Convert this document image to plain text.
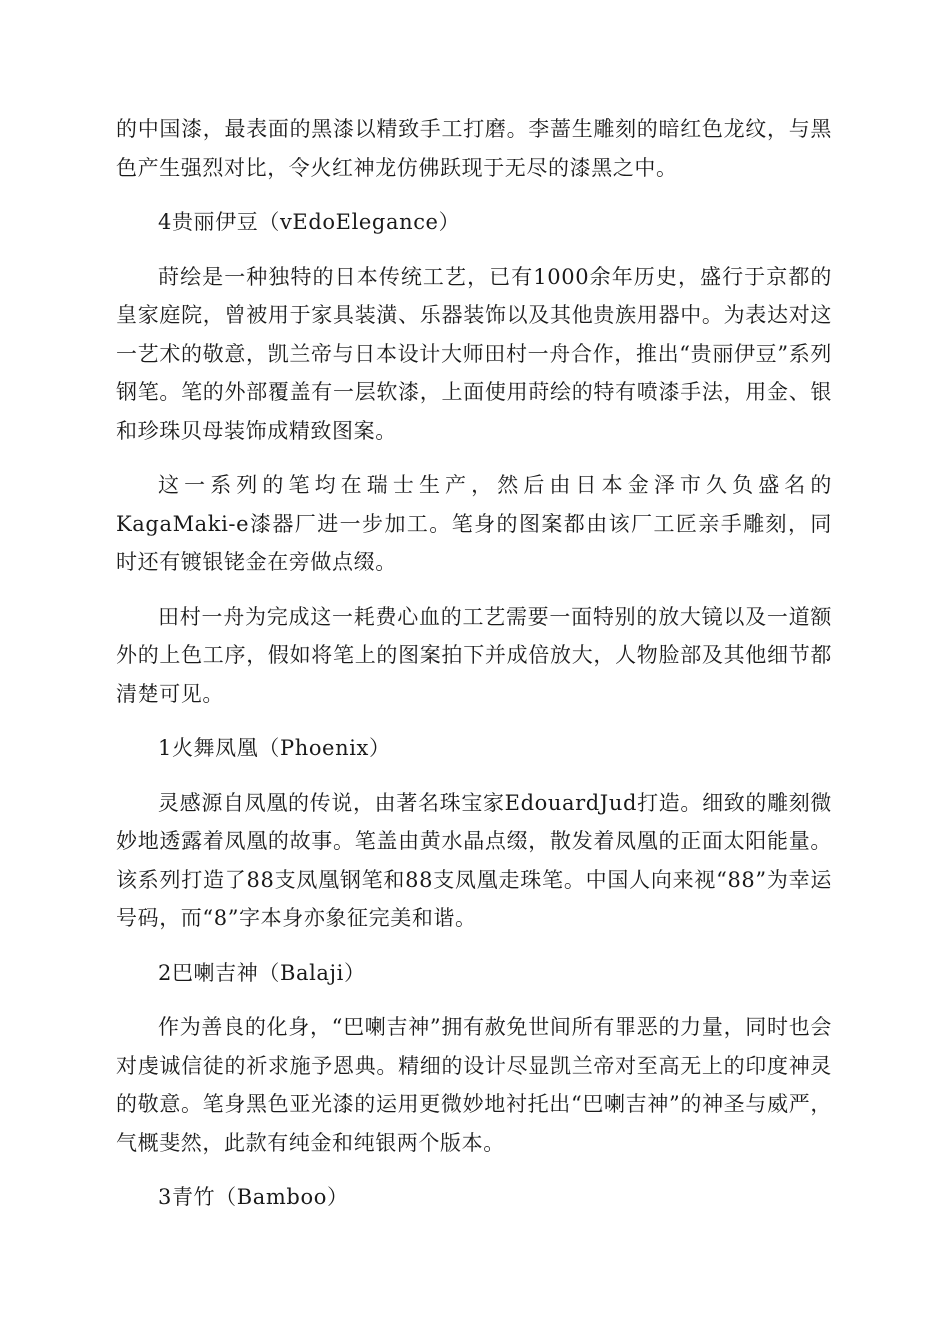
的中国漆，最表面的黑漆以精致手工打磨。李蔷生雕刻的暗红色龙纹，与黑色产生强烈对比，令火红神龙仿佛跃现于无尽的漆黑之中。

4贵丽伊豆（vEdoElegance）

莳绘是一种独特的日本传统工艺，已有1000余年历史，盛行于京都的皇家庭院，曾被用于家具装潢、乐器装饰以及其他贵族用器中。为表达对这一艺术的敬意，凯兰帝与日本设计大师田村一舟合作，推出“贵丽伊豆”系列钢笔。笔的外部覆盖有一层软漆，上面使用莳绘的特有喷漆手法，用金、银和珍珠贝母装饰成精致图案。

这一系列的笔均在瑞士生产，然后由日本金泽市久负盛名的KagaMaki-e漆器厂进一步加工。笔身的图案都由该厂工匠亲手雕刻，同时还有镀银铑金在旁做点缀。

田村一舟为完成这一耗费心血的工艺需要一面特别的放大镜以及一道额外的上色工序，假如将笔上的图案拍下并成倍放大，人物脸部及其他细节都清楚可见。

1火舞凤凰（Phoenix）

灵感源自凤凰的传说，由著名珠宝家EdouardJud打造。细致的雕刻微妙地透露着凤凰的故事。笔盖由黄水晶点缀，散发着凤凰的正面太阳能量。该系列打造了88支凤凰钢笔和88支凤凰走珠笔。中国人向来视“88”为幸运号码，而“8”字本身亦象征完美和谐。

2巴喇吉神（Balaji）

作为善良的化身，“巴喇吉神”拥有赦免世间所有罪恶的力量，同时也会对虔诚信徒的祈求施予恩典。精细的设计尽显凯兰帝对至高无上的印度神灵的敬意。笔身黑色亚光漆的运用更微妙地衬托出“巴喇吉神”的神圣与威严，气概斐然，此款有纯金和纯银两个版本。

3青竹（Bamboo）
